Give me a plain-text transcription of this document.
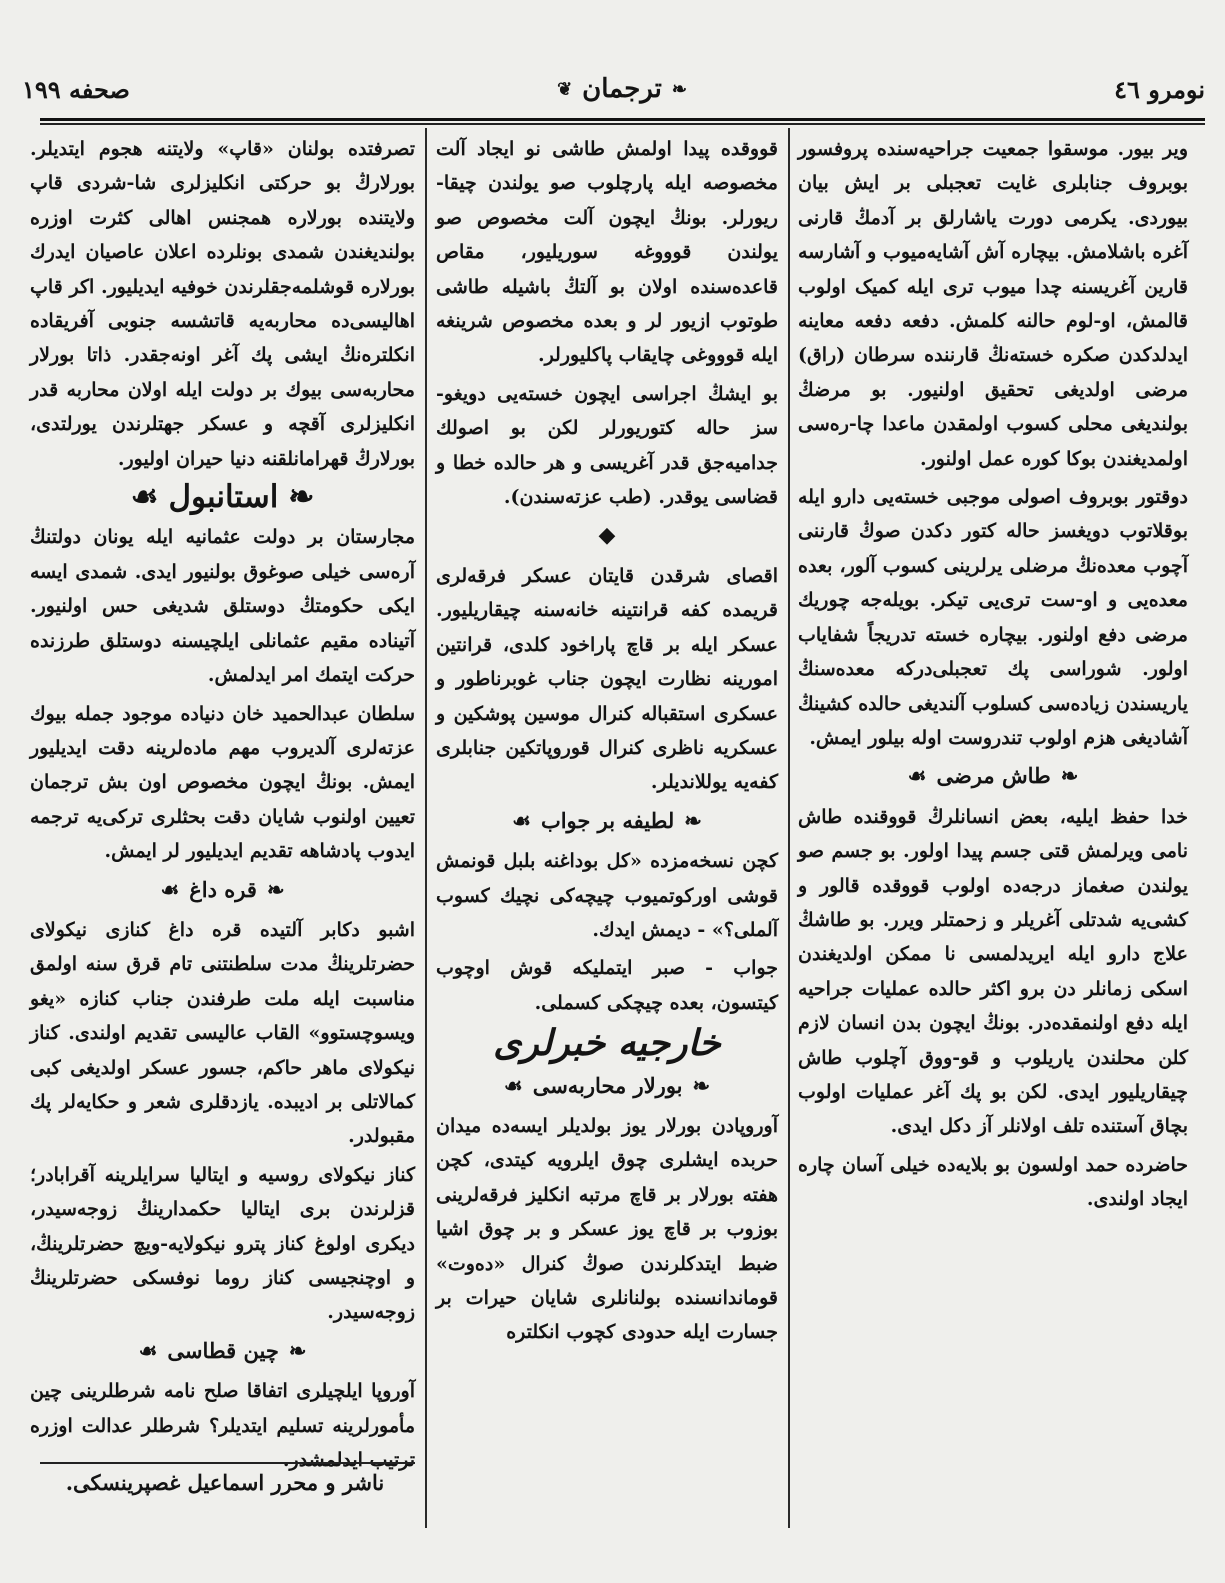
نومرو ٤٦
❧
ترجمان
❦
صحفه ١٩٩

ویر بیور. موسقوا جمعیت جراحیه‌سنده پروفسور بوبروف جنابلری غایت تعجبلی بر ایش بیان بیوردی. یکرمی دورت یاشارلق بر آدمڭ قارنی آغره باشلامش. بیچاره آش آشایه‌میوب و آشارسه قارین آغریسنه چدا میوب تری ایله کمیک اولوب قالمش، او-لوم حالنه کلمش. دفعه دفعه معاینه ایدلدکدن صکره خسته‌نڭ قارننده سرطان (راق) مرضی اولدیغی تحقیق اولنیور. بو مرضڭ بولندیغی محلی کسوب اولمقدن ماعدا چا-ره‌سی اولمدیغندن بوکا کوره عمل اولنور.

دوقتور بوبروف اصولی موجبی خسته‌یی دارو ایله بوقلاتوب دویغسز حاله کتور دکدن صوڭ قارننی آچوب معده‌نڭ مرضلی یرلرینی کسوب آلور، بعده معده‌یی و او-ست تری‌یی تیکر. بویله‌جه چوریك مرضی دفع اولنور. بیچاره خسته تدریجاً شفایاب اولور. شوراسی پك تعجبلی‌درکه معده‌سنڭ یاریسندن زیاده‌سی کسلوب آلندیغی حالده کشینڭ آشادیغی هزم اولوب تندروست اوله بیلور ایمش.

❧
طاش مرضی
☙

خدا حفظ ایلیه، بعض انسانلرڭ قووقندە طاش نامی ویرلمش قتی جسم پیدا اولور. بو جسم صو یولندن صغماز درجه‌ده اولوب قووقده قالور و کشی‌یه شدتلی آغریلر و زحمتلر ویرر. بو طاشڭ علاج دارو ایله ایریدلمسی نا ممکن اولدیغندن اسکی زمانلر دن برو اکثر حالده عملیات جراحیه ایله دفع اولنمقده‌در. بونڭ ایچون بدن انسان لازم کلن محلندن یاریلوب و قو-ووق آچلوب طاش چیقاریلیور ایدی. لکن بو پك آغر عملیات اولوب بچاق آستنده تلف اولانلر آز دکل ایدی.

حاضرده حمد اولسون بو بلایه‌ده خیلی آسان چاره ایجاد اولندی.

قووقده پیدا اولمش طاشی نو ایجاد آلت مخصوصه ایله پارچلوب صو یولندن چیقا-ریورلر. بونڭ ایچون آلت مخصوص صو یولندن قوووغه سوریلیور، مقاص قاعده‌سنده اولان بو آلتڭ باشیله طاشی طوتوب ازیور لر و بعده مخصوص شرینغه ایله قوووغی چایقاب پاکلیورلر.

بو ایشڭ اجراسی ایچون خسته‌یی دویغو-سز حاله کتوریورلر لکن بو اصولك جدامیه‌جق قدر آغریسی و هر حالده خطا و قضاسی یوقدر. (طب عزته‌سندن).

◆

اقصای شرقدن قایتان عسکر فرقه‌لری قریمده کفه قرانتینه خانه‌سنه چیقاریلیور. عسکر ایله بر قاچ پاراخود کلدی، قرانتین امورینه نظارت ایچون جناب غوبرناطور و عسکری استقباله کنرال موسین پوشکین و عسکریه ناظری کنرال قوروپاتکین جنابلری کفه‌یه یوللاندیلر.

❧
لطیفه بر جواب
☙

کچن نسخه‌مزده «کل بوداغنه بلبل قونمش قوشی اورکوتمیوب چیچه‌کی نچیك کسوب آلملی؟» - دیمش ایدك.

جواب - صبر ایتملیکه قوش اوچوب کیتسون، بعده چیچکی کسملی.

خارجیه خبرلری
❧
بورلار محاربه‌سی
☙

آوروپادن بورلار یوز بولدیلر ایسه‌ده میدان حربده ایشلری چوق ایلرویه کیتدی، کچن هفته بورلار بر قاچ مرتبه انکلیز فرقه‌لرینی بوزوب بر قاچ یوز عسکر و بر چوق اشیا ضبط ایتدکلرندن صوڭ کنرال «ده‌وت» قوماندانسنده بولنانلری شایان حیرات بر جسارت ایله حدودی کچوب انکلتره

تصرفتده بولنان «قاپ» ولایتنه هجوم ایتدیلر. بورلارڭ بو حرکتی انکلیزلری شا-شردی قاپ ولایتنده بورلاره همجنس اهالی کثرت اوزره بولندیغندن شمدی بونلرده اعلان عاصیان ایدرك بورلاره قوشلمه‌جقلرندن خوفیه ایدیلیور. اکر قاپ اهالیسی‌ده محاربه‌یه قاتشسه جنوبی آفریقاده انکلتره‌نڭ ایشی پك آغر اونه‌جقدر. ذاتا بورلار محاربه‌سی بیوك بر دولت ایله اولان محاربه قدر انکلیزلری آقچه و عسکر جهتلرندن یورلتدی، بورلارڭ قهرامانلقنه دنیا حیران اولیور.

❧
استانبول
☙

مجارستان بر دولت عثمانیه ایله یونان دولتنڭ آره‌سی خیلی صوغوق بولنیور ایدی. شمدی ایسه ایکی حکومتڭ دوستلق شدیغی حس اولنیور. آتیناده مقیم عثمانلی ایلچیسنه دوستلق طرزنده حرکت ایتمك امر ایدلمش.

سلطان عبدالحمید خان دنیاده موجود جمله بیوك عزته‌لری آلدیروب مهم ماده‌لرینه دقت ایدیلیور ایمش. بونڭ ایچون مخصوص اون بش ترجمان تعیین اولنوب شایان دقت بحثلری ترکی‌یه ترجمه ایدوب پادشاهه تقدیم ایدیلیور لر ایمش.

❧
قره داغ
☙

اشبو دکابر آلتیده قره داغ کنازی نیکولای حضرتلرینڭ مدت سلطنتنی تام قرق سنه اولمق مناسبت ایله ملت طرفندن جناب کنازه «یغو ویسوچستوو» القاب عالیسی تقدیم اولندی. کناز نیکولای ماهر حاکم، جسور عسکر اولدیغی کبی کمالاتلی بر ادیبده. یازدقلری شعر و حکایه‌لر پك مقبولدر.

کناز نیکولای روسیه و ایتالیا سرایلرینه آقرابادر؛ قزلرندن بری ایتالیا حکمدارینڭ زوجه‌سیدر، دیکری اولوغ کناز پترو نیکولایه-ویچ حضرتلرینڭ، و اوچنجیسی کناز روما نوفسکی حضرتلرینڭ زوجه‌سیدر.

❧
چین قطاسی
☙

آوروپا ایلچیلری اتفاقا صلح نامه شرطلرینی چین مأمورلرینه تسلیم ایتدیلر؟ شرطلر عدالت اوزره ترتیب ایدلمشدر.

ناشر و محرر اسماعیل غصپرینسکی.
